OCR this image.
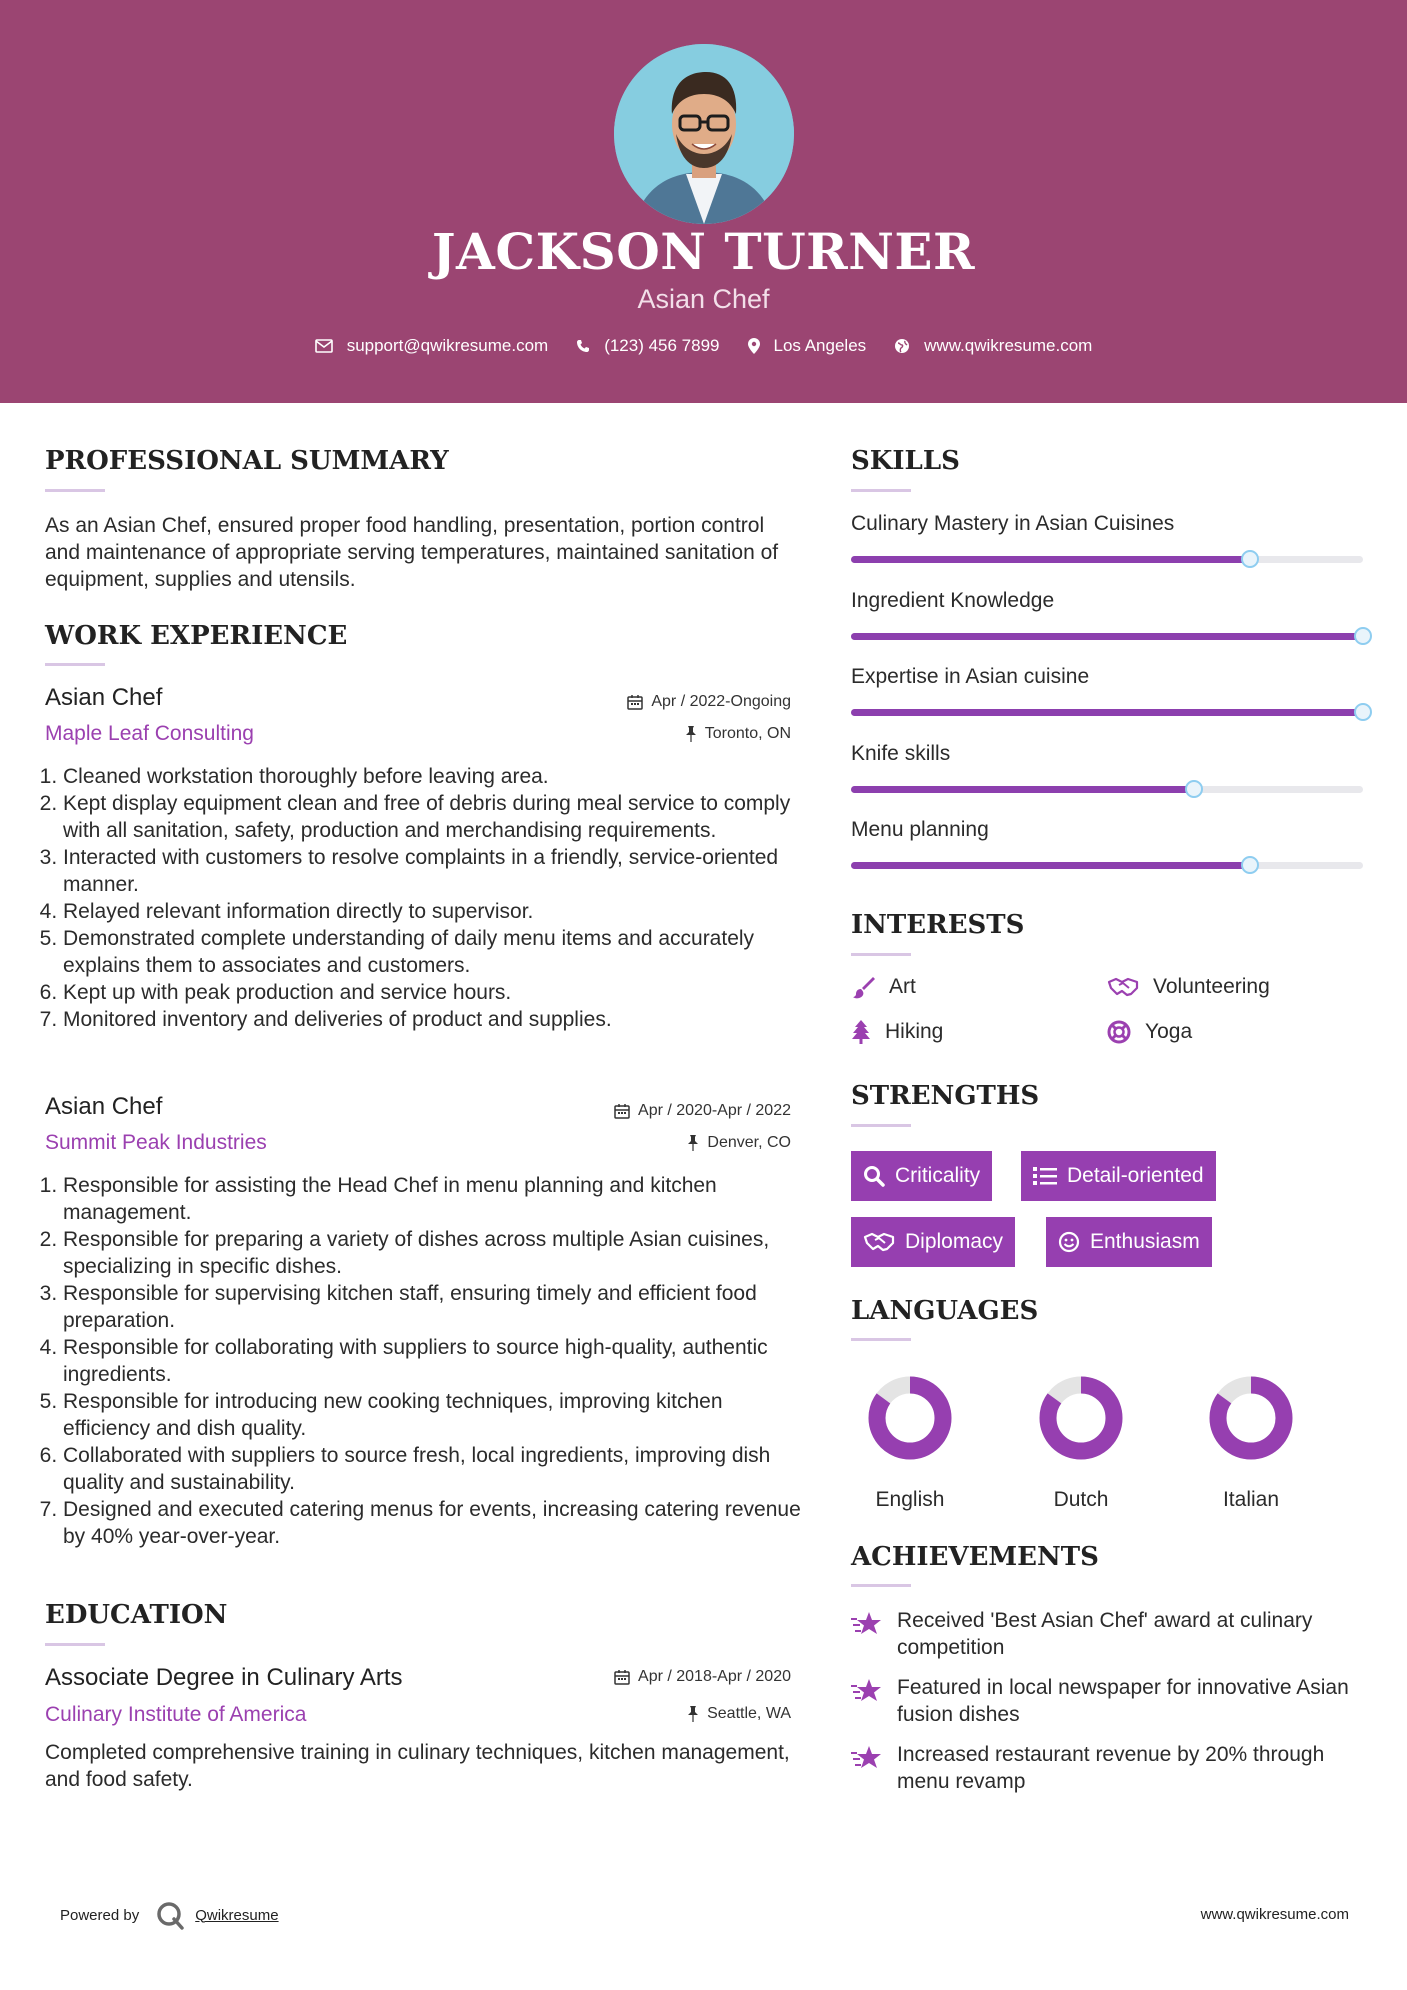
JACKSON TURNER
Asian Chef
support@qwikresume.com	(123) 456 7899	Los Angeles	www.qwikresume.com
PROFESSIONAL SUMMARY
As an Asian Chef, ensured proper food handling, presentation, portion control and maintenance of appropriate serving temperatures, maintained sanitation of equipment, supplies and utensils.
WORK EXPERIENCE
Asian Chef	Apr / 2022-Ongoing
Maple Leaf Consulting	Toronto, ON
1. Cleaned workstation thoroughly before leaving area.
2. Kept display equipment clean and free of debris during meal service to comply with all sanitation, safety, production and merchandising requirements.
3. Interacted with customers to resolve complaints in a friendly, service-oriented manner.
4. Relayed relevant information directly to supervisor.
5. Demonstrated complete understanding of daily menu items and accurately explains them to associates and customers.
6. Kept up with peak production and service hours.
7. Monitored inventory and deliveries of product and supplies.
Asian Chef	Apr / 2020-Apr / 2022
Summit Peak Industries	Denver, CO
1. Responsible for assisting the Head Chef in menu planning and kitchen management.
2. Responsible for preparing a variety of dishes across multiple Asian cuisines, specializing in specific dishes.
3. Responsible for supervising kitchen staff, ensuring timely and efficient food preparation.
4. Responsible for collaborating with suppliers to source high-quality, authentic ingredients.
5. Responsible for introducing new cooking techniques, improving kitchen efficiency and dish quality.
6. Collaborated with suppliers to source fresh, local ingredients, improving dish quality and sustainability.
7. Designed and executed catering menus for events, increasing catering revenue by 40% year-over-year.
EDUCATION
Associate Degree in Culinary Arts	Apr / 2018-Apr / 2020
Culinary Institute of America	Seattle, WA
Completed comprehensive training in culinary techniques, kitchen management, and food safety.
SKILLS
Culinary Mastery in Asian Cuisines
Ingredient Knowledge
Expertise in Asian cuisine
Knife skills
Menu planning
INTERESTS
Art	Volunteering
Hiking	Yoga
STRENGTHS
Criticality	Detail-oriented
Diplomacy	Enthusiasm
LANGUAGES
English	Dutch	Italian
ACHIEVEMENTS
Received 'Best Asian Chef' award at culinary competition
Featured in local newspaper for innovative Asian fusion dishes
Increased restaurant revenue by 20% through menu revamp
Powered by	Qwikresume	www.qwikresume.com
